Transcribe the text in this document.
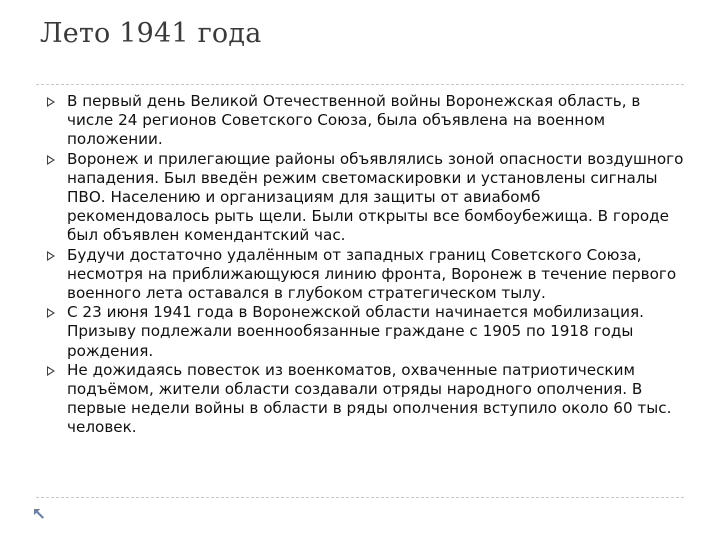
Лето 1941 года
В первый день Великой Отечественной войны Воронежская область, в числе 24 регионов Советского Союза, была объявлена на военном положении.
Воронеж и прилегающие районы объявлялись зоной опасности воздушного нападения. Был введён режим светомаскировки и установлены сигналы ПВО. Населению и организациям для защиты от авиабомб рекомендовалось рыть щели. Были открыты все бомбоубежища. В городе был объявлен комендантский час.
Будучи достаточно удалённым от западных границ Советского Союза, несмотря на приближающуюся линию фронта, Воронеж в течение первого военного лета оставался в глубоком стратегическом тылу.
С 23 июня 1941 года в Воронежской области начинается мобилизация. Призыву подлежали военнообязанные граждане с 1905 по 1918 годы рождения.
Не дожидаясь повесток из военкоматов, охваченные патриотическим подъёмом, жители области создавали отряды народного ополчения. В первые недели войны в области в ряды ополчения вступило около 60 тыс. человек.
